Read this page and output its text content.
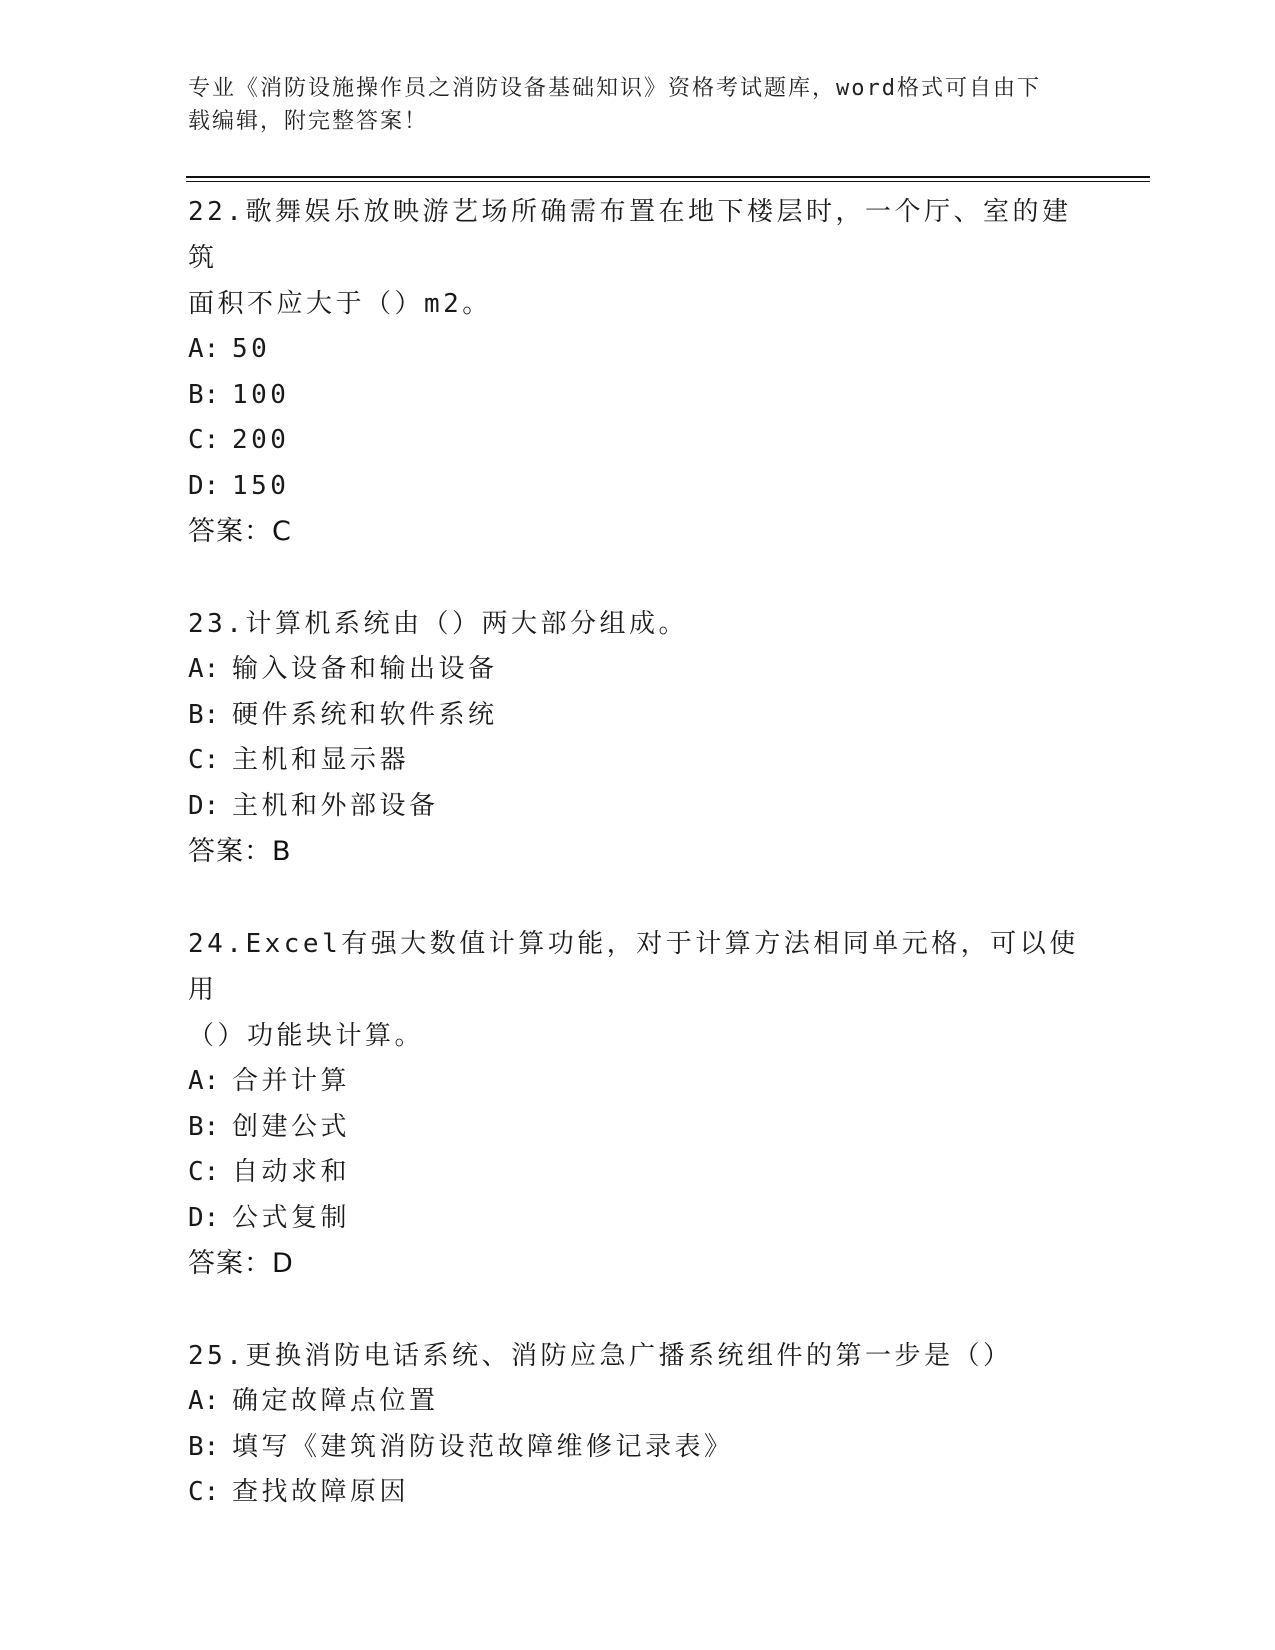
专业《消防设施操作员之消防设备基础知识》资格考试题库，word格式可自由下
载编辑，附完整答案！

22.歌舞娱乐放映游艺场所确需布置在地下楼层时，一个厅、室的建筑

面积不应大于（）m2。

A: 50

B: 100

C: 200

D: 150

答案：C

23.计算机系统由（）两大部分组成。

A: 输入设备和输出设备

B: 硬件系统和软件系统

C: 主机和显示器

D: 主机和外部设备

答案：B

24.Excel有强大数值计算功能，对于计算方法相同单元格，可以使用

（）功能块计算。

A: 合并计算

B: 创建公式

C: 自动求和

D: 公式复制

答案：D

25.更换消防电话系统、消防应急广播系统组件的第一步是（）

A: 确定故障点位置

B: 填写《建筑消防设范故障维修记录表》

C: 查找故障原因
